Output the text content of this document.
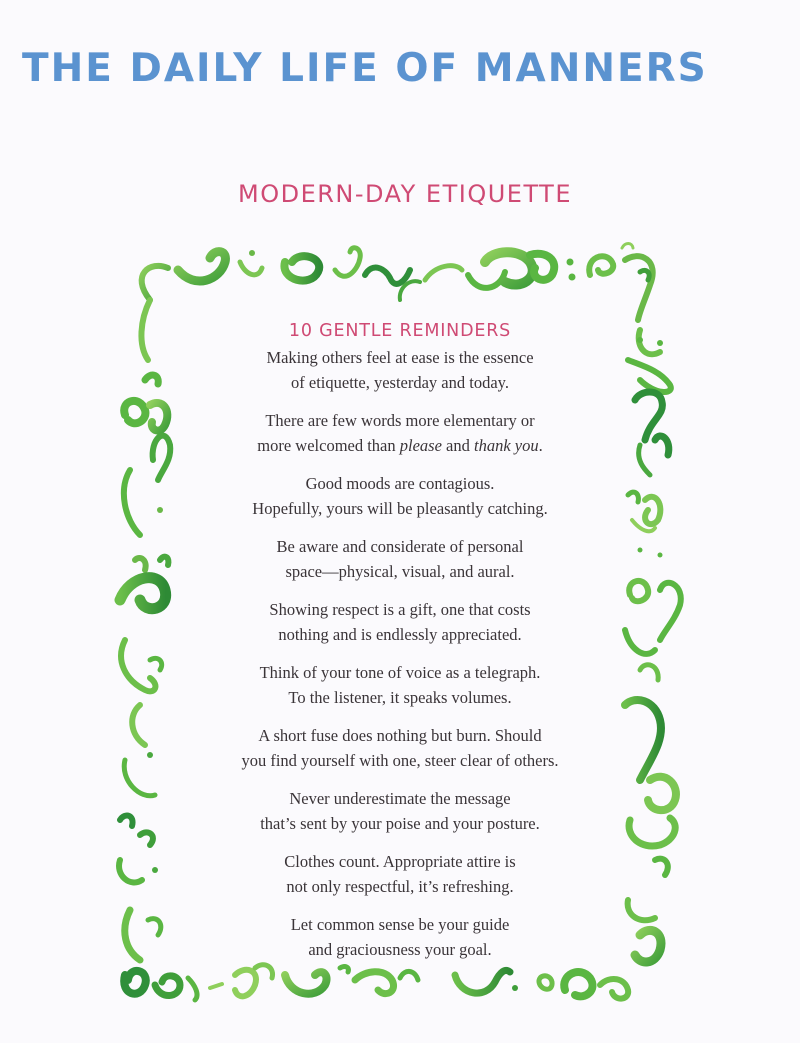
THE DAILY LIFE OF MANNERS
MODERN-DAY ETIQUETTE
10 GENTLE REMINDERS

Making others feel at ease is the essence
of etiquette, yesterday and today.

There are few words more elementary or
more welcomed than please and thank you.

Good moods are contagious.
Hopefully, yours will be pleasantly catching.

Be aware and considerate of personal
space—physical, visual, and aural.

Showing respect is a gift, one that costs
nothing and is endlessly appreciated.

Think of your tone of voice as a telegraph.
To the listener, it speaks volumes.

A short fuse does nothing but burn. Should
you find yourself with one, steer clear of others.

Never underestimate the message
that’s sent by your poise and your posture.

Clothes count. Appropriate attire is
not only respectful, it’s refreshing.

Let common sense be your guide
and graciousness your goal.
